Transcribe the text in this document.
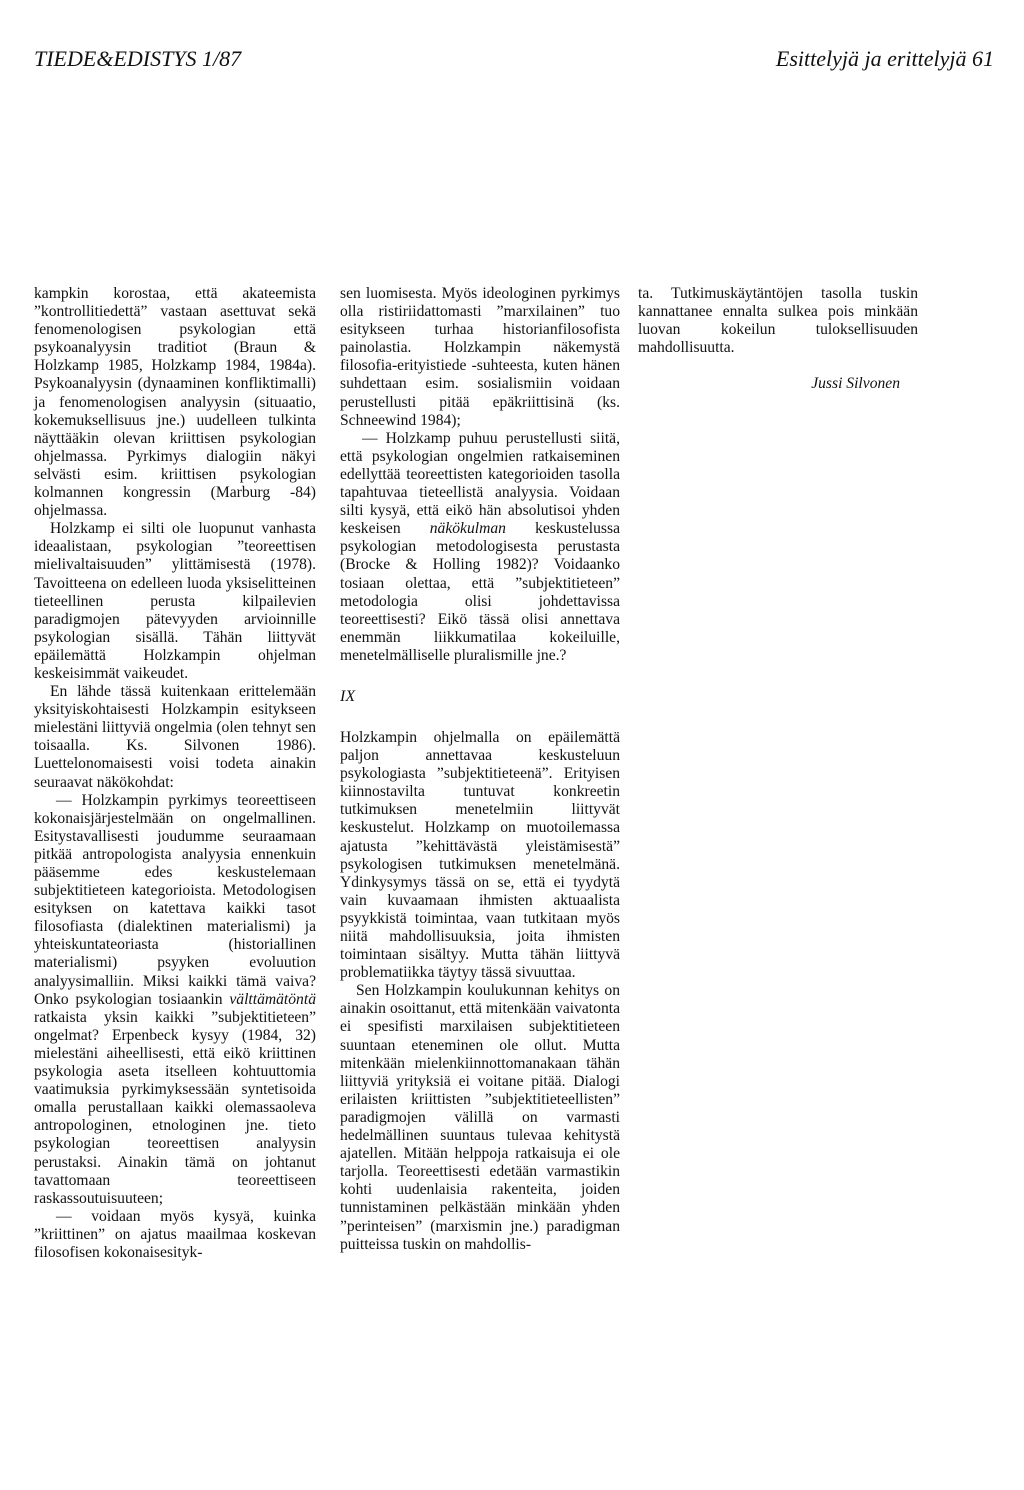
TIEDE&EDISTYS 1/87	Esittelyjä ja erittelyjä 61

kampkin korostaa, että akateemista ”kontrollitiedettä” vastaan asettuvat sekä fenomenologisen psykologian että psykoanalyysin traditiot (Braun & Holzkamp 1985, Holzkamp 1984, 1984a). Psykoanalyysin (dynaaminen konfliktimalli) ja fenomenologisen analyysin (situaatio, kokemuksellisuus jne.) uudelleen tulkinta näyttääkin olevan kriittisen psykologian ohjelmassa. Pyrkimys dialogiin näkyi selvästi esim. kriittisen psykologian kolmannen kongressin (Marburg -84) ohjelmassa.

Holzkamp ei silti ole luopunut vanhasta ideaalistaan, psykologian ”teoreettisen mielivaltaisuuden” ylittämisestä (1978). Tavoitteena on edelleen luoda yksiselitteinen tieteellinen perusta kilpailevien paradigmojen pätevyyden arvioinnille psykologian sisällä. Tähän liittyvät epäilemättä Holzkampin ohjelman keskeisimmät vaikeudet.

En lähde tässä kuitenkaan erittelemään yksityiskohtaisesti Holzkampin esitykseen mielestäni liittyviä ongelmia (olen tehnyt sen toisaalla. Ks. Silvonen 1986). Luettelonomaisesti voisi todeta ainakin seuraavat näkökohdat:

— Holzkampin pyrkimys teoreettiseen kokonaisjärjestelmään on ongelmallinen. Esitystavallisesti joudumme seuraamaan pitkää antropologista analyysia ennenkuin pääsemme edes keskustelemaan subjektitieteen kategorioista. Metodologisen esityksen on katettava kaikki tasot filosofiasta (dialektinen materialismi) ja yhteiskuntateoriasta (historiallinen materialismi) psyyken evoluution analyysimalliin. Miksi kaikki tämä vaiva? Onko psykologian tosiaankin välttämätöntä ratkaista yksin kaikki ”subjektitieteen” ongelmat? Erpenbeck kysyy (1984, 32) mielestäni aiheellisesti, että eikö kriittinen psykologia aseta itselleen kohtuuttomia vaatimuksia pyrkimyksessään syntetisoida omalla perustallaan kaikki olemassaoleva antropologinen, etnologinen jne. tieto psykologian teoreettisen analyysin perustaksi. Ainakin tämä on johtanut tavattomaan teoreettiseen raskassoutuisuuteen;

— voidaan myös kysyä, kuinka ”kriittinen” on ajatus maailmaa koskevan filosofisen kokonaisesityk-

sen luomisesta. Myös ideologinen pyrkimys olla ristiriidattomasti ”marxilainen” tuo esitykseen turhaa historianfilosofista painolastia. Holzkampin näkemystä filosofia-erityistiede -suhteesta, kuten hänen suhdettaan esim. sosialismiin voidaan perustellusti pitää epäkriittisinä (ks. Schneewind 1984);

— Holzkamp puhuu perustellusti siitä, että psykologian ongelmien ratkaiseminen edellyttää teoreettisten kategorioiden tasolla tapahtuvaa tieteellistä analyysia. Voidaan silti kysyä, että eikö hän absolutisoi yhden keskeisen näkökulman keskustelussa psykologian metodologisesta perustasta (Brocke & Holling 1982)? Voidaanko tosiaan olettaa, että ”subjektitieteen” metodologia olisi johdettavissa teoreettisesti? Eikö tässä olisi annettava enemmän liikkumatilaa kokeiluille, menetelmälliselle pluralismille jne.?

IX

Holzkampin ohjelmalla on epäilemättä paljon annettavaa keskusteluun psykologiasta ”subjektitieteenä”. Erityisen kiinnostavilta tuntuvat konkreetin tutkimuksen menetelmiin liittyvät keskustelut. Holzkamp on muotoilemassa ajatusta ”kehittävästä yleistämisestä” psykologisen tutkimuksen menetelmänä. Ydinkysymys tässä on se, että ei tyydytä vain kuvaamaan ihmisten aktuaalista psyykkistä toimintaa, vaan tutkitaan myös niitä mahdollisuuksia, joita ihmisten toimintaan sisältyy. Mutta tähän liittyvä problematiikka täytyy tässä sivuuttaa.

Sen Holzkampin koulukunnan kehitys on ainakin osoittanut, että mitenkään vaivatonta ei spesifisti marxilaisen subjektitieteen suuntaan eteneminen ole ollut. Mutta mitenkään mielenkiinnottomanakaan tähän liittyviä yrityksiä ei voitane pitää. Dialogi erilaisten kriittisten ”subjektitieteellisten” paradigmojen välillä on varmasti hedelmällinen suuntaus tulevaa kehitystä ajatellen. Mitään helppoja ratkaisuja ei ole tarjolla. Teoreettisesti edetään varmastikin kohti uudenlaisia rakenteita, joiden tunnistaminen pelkästään minkään yhden ”perinteisen” (marxismin jne.) paradigman puitteissa tuskin on mahdollis-

ta. Tutkimuskäytäntöjen tasolla tuskin kannattanee ennalta sulkea pois minkään luovan kokeilun tuloksellisuuden mahdollisuutta.

Jussi Silvonen
